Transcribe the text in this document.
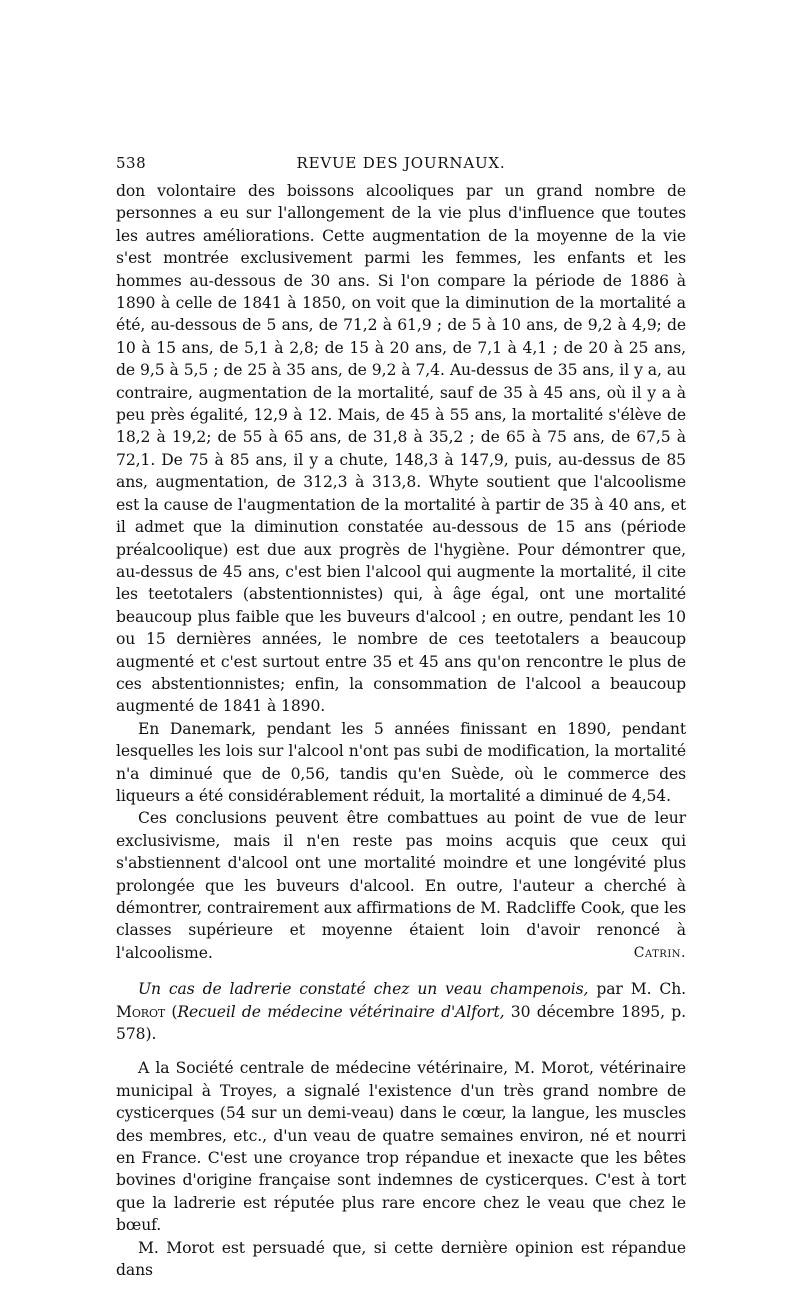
538	REVUE DES JOURNAUX.

don volontaire des boissons alcooliques par un grand nombre de personnes a eu sur l'allongement de la vie plus d'influence que toutes les autres améliorations. Cette augmentation de la moyenne de la vie s'est montrée exclusivement parmi les femmes, les enfants et les hommes au-dessous de 30 ans. Si l'on compare la période de 1886 à 1890 à celle de 1841 à 1850, on voit que la diminution de la mortalité a été, au-dessous de 5 ans, de 71,2 à 61,9 ; de 5 à 10 ans, de 9,2 à 4,9; de 10 à 15 ans, de 5,1 à 2,8; de 15 à 20 ans, de 7,1 à 4,1 ; de 20 à 25 ans, de 9,5 à 5,5 ; de 25 à 35 ans, de 9,2 à 7,4. Au-dessus de 35 ans, il y a, au contraire, augmentation de la mortalité, sauf de 35 à 45 ans, où il y a à peu près égalité, 12,9 à 12. Mais, de 45 à 55 ans, la mortalité s'élève de 18,2 à 19,2; de 55 à 65 ans, de 31,8 à 35,2 ; de 65 à 75 ans, de 67,5 à 72,1. De 75 à 85 ans, il y a chute, 148,3 à 147,9, puis, au-dessus de 85 ans, augmentation, de 312,3 à 313,8. Whyte soutient que l'alcoolisme est la cause de l'augmentation de la mortalité à partir de 35 à 40 ans, et il admet que la diminution constatée au-dessous de 15 ans (période préalcoolique) est due aux progrès de l'hygiène. Pour démontrer que, au-dessus de 45 ans, c'est bien l'alcool qui augmente la mortalité, il cite les teetotalers (abstentionnistes) qui, à âge égal, ont une mortalité beaucoup plus faible que les buveurs d'alcool ; en outre, pendant les 10 ou 15 dernières années, le nombre de ces teetotalers a beaucoup augmenté et c'est surtout entre 35 et 45 ans qu'on rencontre le plus de ces abstentionnistes; enfin, la consommation de l'alcool a beaucoup augmenté de 1841 à 1890.

En Danemark, pendant les 5 années finissant en 1890, pendant lesquelles les lois sur l'alcool n'ont pas subi de modification, la mortalité n'a diminué que de 0,56, tandis qu'en Suède, où le commerce des liqueurs a été considérablement réduit, la mortalité a diminué de 4,54.

Ces conclusions peuvent être combattues au point de vue de leur exclusivisme, mais il n'en reste pas moins acquis que ceux qui s'abstiennent d'alcool ont une mortalité moindre et une longévité plus prolongée que les buveurs d'alcool. En outre, l'auteur a cherché à démontrer, contrairement aux affirmations de M. Radcliffe Cook, que les classes supérieure et moyenne étaient loin d'avoir renoncé à l'alcoolisme.	Catrin.

Un cas de ladrerie constaté chez un veau champenois, par M. Ch. Morot (Recueil de médecine vétérinaire d'Alfort, 30 décembre 1895, p. 578).

A la Société centrale de médecine vétérinaire, M. Morot, vétérinaire municipal à Troyes, a signalé l'existence d'un très grand nombre de cysticerques (54 sur un demi-veau) dans le cœur, la langue, les muscles des membres, etc., d'un veau de quatre semaines environ, né et nourri en France. C'est une croyance trop répandue et inexacte que les bêtes bovines d'origine française sont indemnes de cysticerques. C'est à tort que la ladrerie est réputée plus rare encore chez le veau que chez le bœuf.

M. Morot est persuadé que, si cette dernière opinion est répandue dans
